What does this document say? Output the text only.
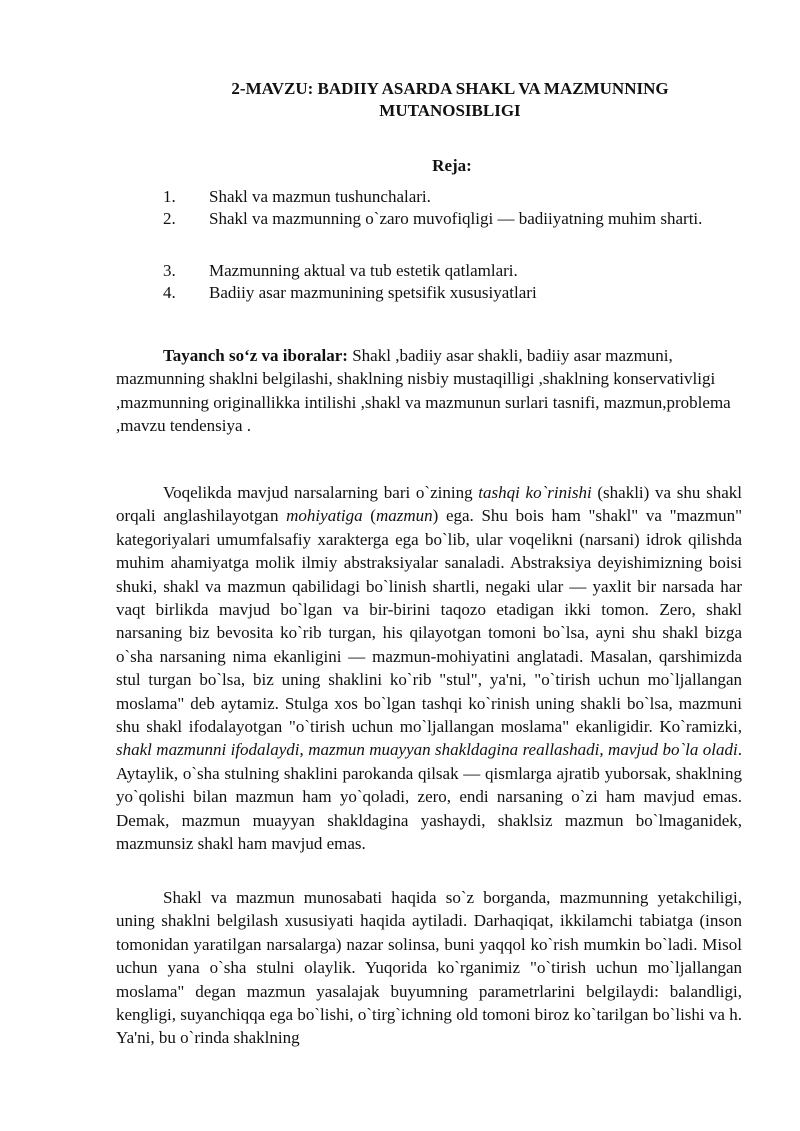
2-MAVZU: BADIIY ASARDA SHAKL VA MAZMUNNING
MUTANOSIBLIGI
Reja:
1. Shakl va mazmun tushunchalari.
2. Shakl va mazmunning o`zaro muvofiqligi — badiiyatning muhim sharti.
3. Mazmunning aktual va tub estetik qatlamlari.
4. Badiiy asar mazmunining spetsifik xususiyatlari

Tayanch so‘z va iboralar: Shakl ,badiiy asar shakli, badiiy asar mazmuni, mazmunning shaklni belgilashi, shaklning nisbiy mustaqilligi ,shaklning konservativligi ,mazmunning originallikka intilishi ,shakl va mazmunun surlari tasnifi, mazmun,problema ,mavzu tendensiya .

Voqelikda mavjud narsalarning bari o`zining tashqi ko`rinishi (shakli) va shu shakl orqali anglashilayotgan mohiyatiga (mazmun) ega. Shu bois ham "shakl" va "mazmun" kategoriyalari umumfalsafiy xarakterga ega bo`lib, ular voqelikni (narsani) idrok qilishda muhim ahamiyatga molik ilmiy abstraksiyalar sanaladi. Abstraksiya deyishimizning boisi shuki, shakl va mazmun qabilidagi bo`linish shartli, negaki ular — yaxlit bir narsada har vaqt birlikda mavjud bo`lgan va bir-birini taqozo etadigan ikki tomon. Zero, shakl narsaning biz bevosita ko`rib turgan, his qilayotgan tomoni bo`lsa, ayni shu shakl bizga o`sha narsaning nima ekanligini — mazmun-mohiyatini anglatadi. Masalan, qarshimizda stul turgan bo`lsa, biz uning shaklini ko`rib "stul", ya'ni, "o`tirish uchun mo`ljallangan moslama" deb aytamiz. Stulga xos bo`lgan tashqi ko`rinish uning shakli bo`lsa, mazmuni shu shakl ifodalayotgan "o`tirish uchun mo`ljallangan moslama" ekanligidir. Ko`ramizki, shakl mazmunni ifodalaydi, mazmun muayyan shakldagina reallashadi, mavjud bo`la oladi. Aytaylik, o`sha stulning shaklini parokanda qilsak — qismlarga ajratib yuborsak, shaklning yo`qolishi bilan mazmun ham yo`qoladi, zero, endi narsaning o`zi ham mavjud emas. Demak, mazmun muayyan shakldagina yashaydi, shaklsiz mazmun bo`lmaganidek, mazmunsiz shakl ham mavjud emas.

Shakl va mazmun munosabati haqida so`z borganda, mazmunning yetakchiligi, uning shaklni belgilash xususiyati haqida aytiladi. Darhaqiqat, ikkilamchi tabiatga (inson tomonidan yaratilgan narsalarga) nazar solinsa, buni yaqqol ko`rish mumkin bo`ladi. Misol uchun yana o`sha stulni olaylik. Yuqorida ko`rganimiz "o`tirish uchun mo`ljallangan moslama" degan mazmun yasalajak buyumning parametrlarini belgilaydi: balandligi, kengligi, suyanchiqqa ega bo`lishi, o`tirg`ichning old tomoni biroz ko`tarilgan bo`lishi va h. Ya'ni, bu o`rinda shaklning
